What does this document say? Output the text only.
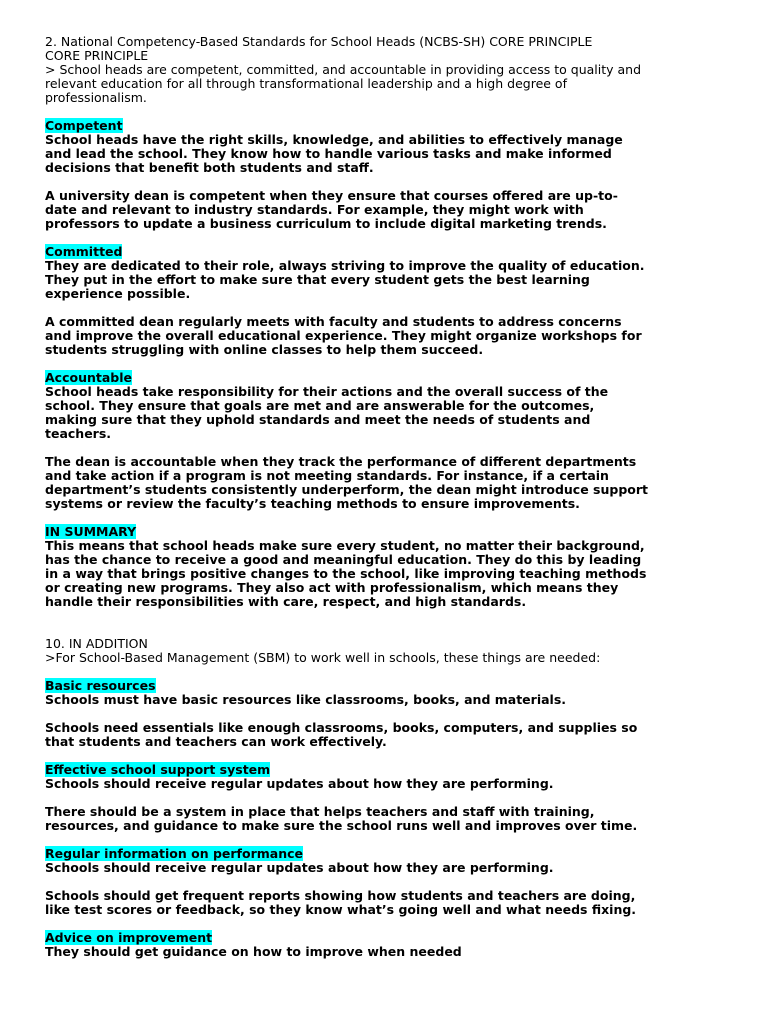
2. National Competency-Based Standards for School Heads (NCBS-SH) CORE PRINCIPLE
CORE PRINCIPLE

> School heads are competent, committed, and accountable in providing access to quality and
relevant education for all through transformational leadership and a high degree of
professionalism.

Competent

School heads have the right skills, knowledge, and abilities to effectively manage
and lead the school. They know how to handle various tasks and make informed
decisions that benefit both students and staff.

A university dean is competent when they ensure that courses offered are up-to-
date and relevant to industry standards. For example, they might work with
professors to update a business curriculum to include digital marketing trends.

Committed

They are dedicated to their role, always striving to improve the quality of education.
They put in the effort to make sure that every student gets the best learning
experience possible.

A committed dean regularly meets with faculty and students to address concerns
and improve the overall educational experience. They might organize workshops for
students struggling with online classes to help them succeed.

Accountable

School heads take responsibility for their actions and the overall success of the
school. They ensure that goals are met and are answerable for the outcomes,
making sure that they uphold standards and meet the needs of students and
teachers.

The dean is accountable when they track the performance of different departments
and take action if a program is not meeting standards. For instance, if a certain
department’s students consistently underperform, the dean might introduce support
systems or review the faculty’s teaching methods to ensure improvements.

IN SUMMARY

This means that school heads make sure every student, no matter their background,
has the chance to receive a good and meaningful education. They do this by leading
in a way that brings positive changes to the school, like improving teaching methods
or creating new programs. They also act with professionalism, which means they
handle their responsibilities with care, respect, and high standards.

10. IN ADDITION

>For School-Based Management (SBM) to work well in schools, these things are needed:

Basic resources

Schools must have basic resources like classrooms, books, and materials.

Schools need essentials like enough classrooms, books, computers, and supplies so
that students and teachers can work effectively.

Effective school support system

Schools should receive regular updates about how they are performing.

There should be a system in place that helps teachers and staff with training,
resources, and guidance to make sure the school runs well and improves over time.

Regular information on performance

Schools should receive regular updates about how they are performing.

Schools should get frequent reports showing how students and teachers are doing,
like test scores or feedback, so they know what’s going well and what needs fixing.

Advice on improvement

They should get guidance on how to improve when needed
